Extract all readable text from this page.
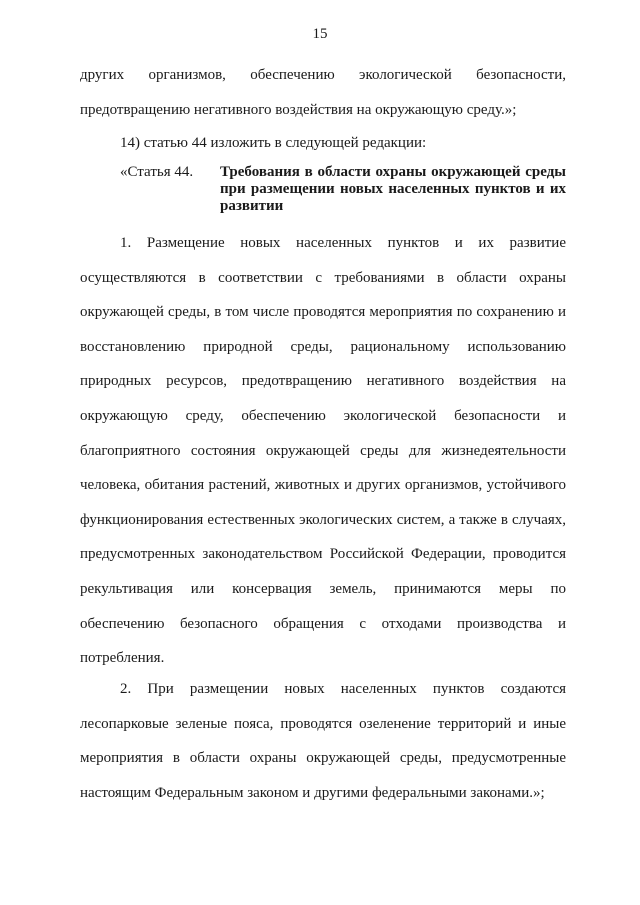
15
других организмов, обеспечению экологической безопасности,
предотвращению негативного воздействия на окружающую среду.»;
14) статью 44 изложить в следующей редакции:
«Статья 44. Требования в области охраны окружающей среды
при размещении новых населенных пунктов и их
развитии
1. Размещение новых населенных пунктов и их развитие
осуществляются в соответствии с требованиями в области охраны
окружающей среды, в том числе проводятся мероприятия по сохранению и
восстановлению природной среды, рациональному использованию
природных ресурсов, предотвращению негативного воздействия на
окружающую среду, обеспечению экологической безопасности и
благоприятного состояния окружающей среды для жизнедеятельности
человека, обитания растений, животных и других организмов, устойчивого
функционирования естественных экологических систем, а также в случаях,
предусмотренных законодательством Российской Федерации, проводится
рекультивация или консервация земель, принимаются меры по
обеспечению безопасного обращения с отходами производства и
потребления.
2. При размещении новых населенных пунктов создаются
лесопарковые зеленые пояса, проводятся озеленение территорий и иные
мероприятия в области охраны окружающей среды, предусмотренные
настоящим Федеральным законом и другими федеральными законами.»;
